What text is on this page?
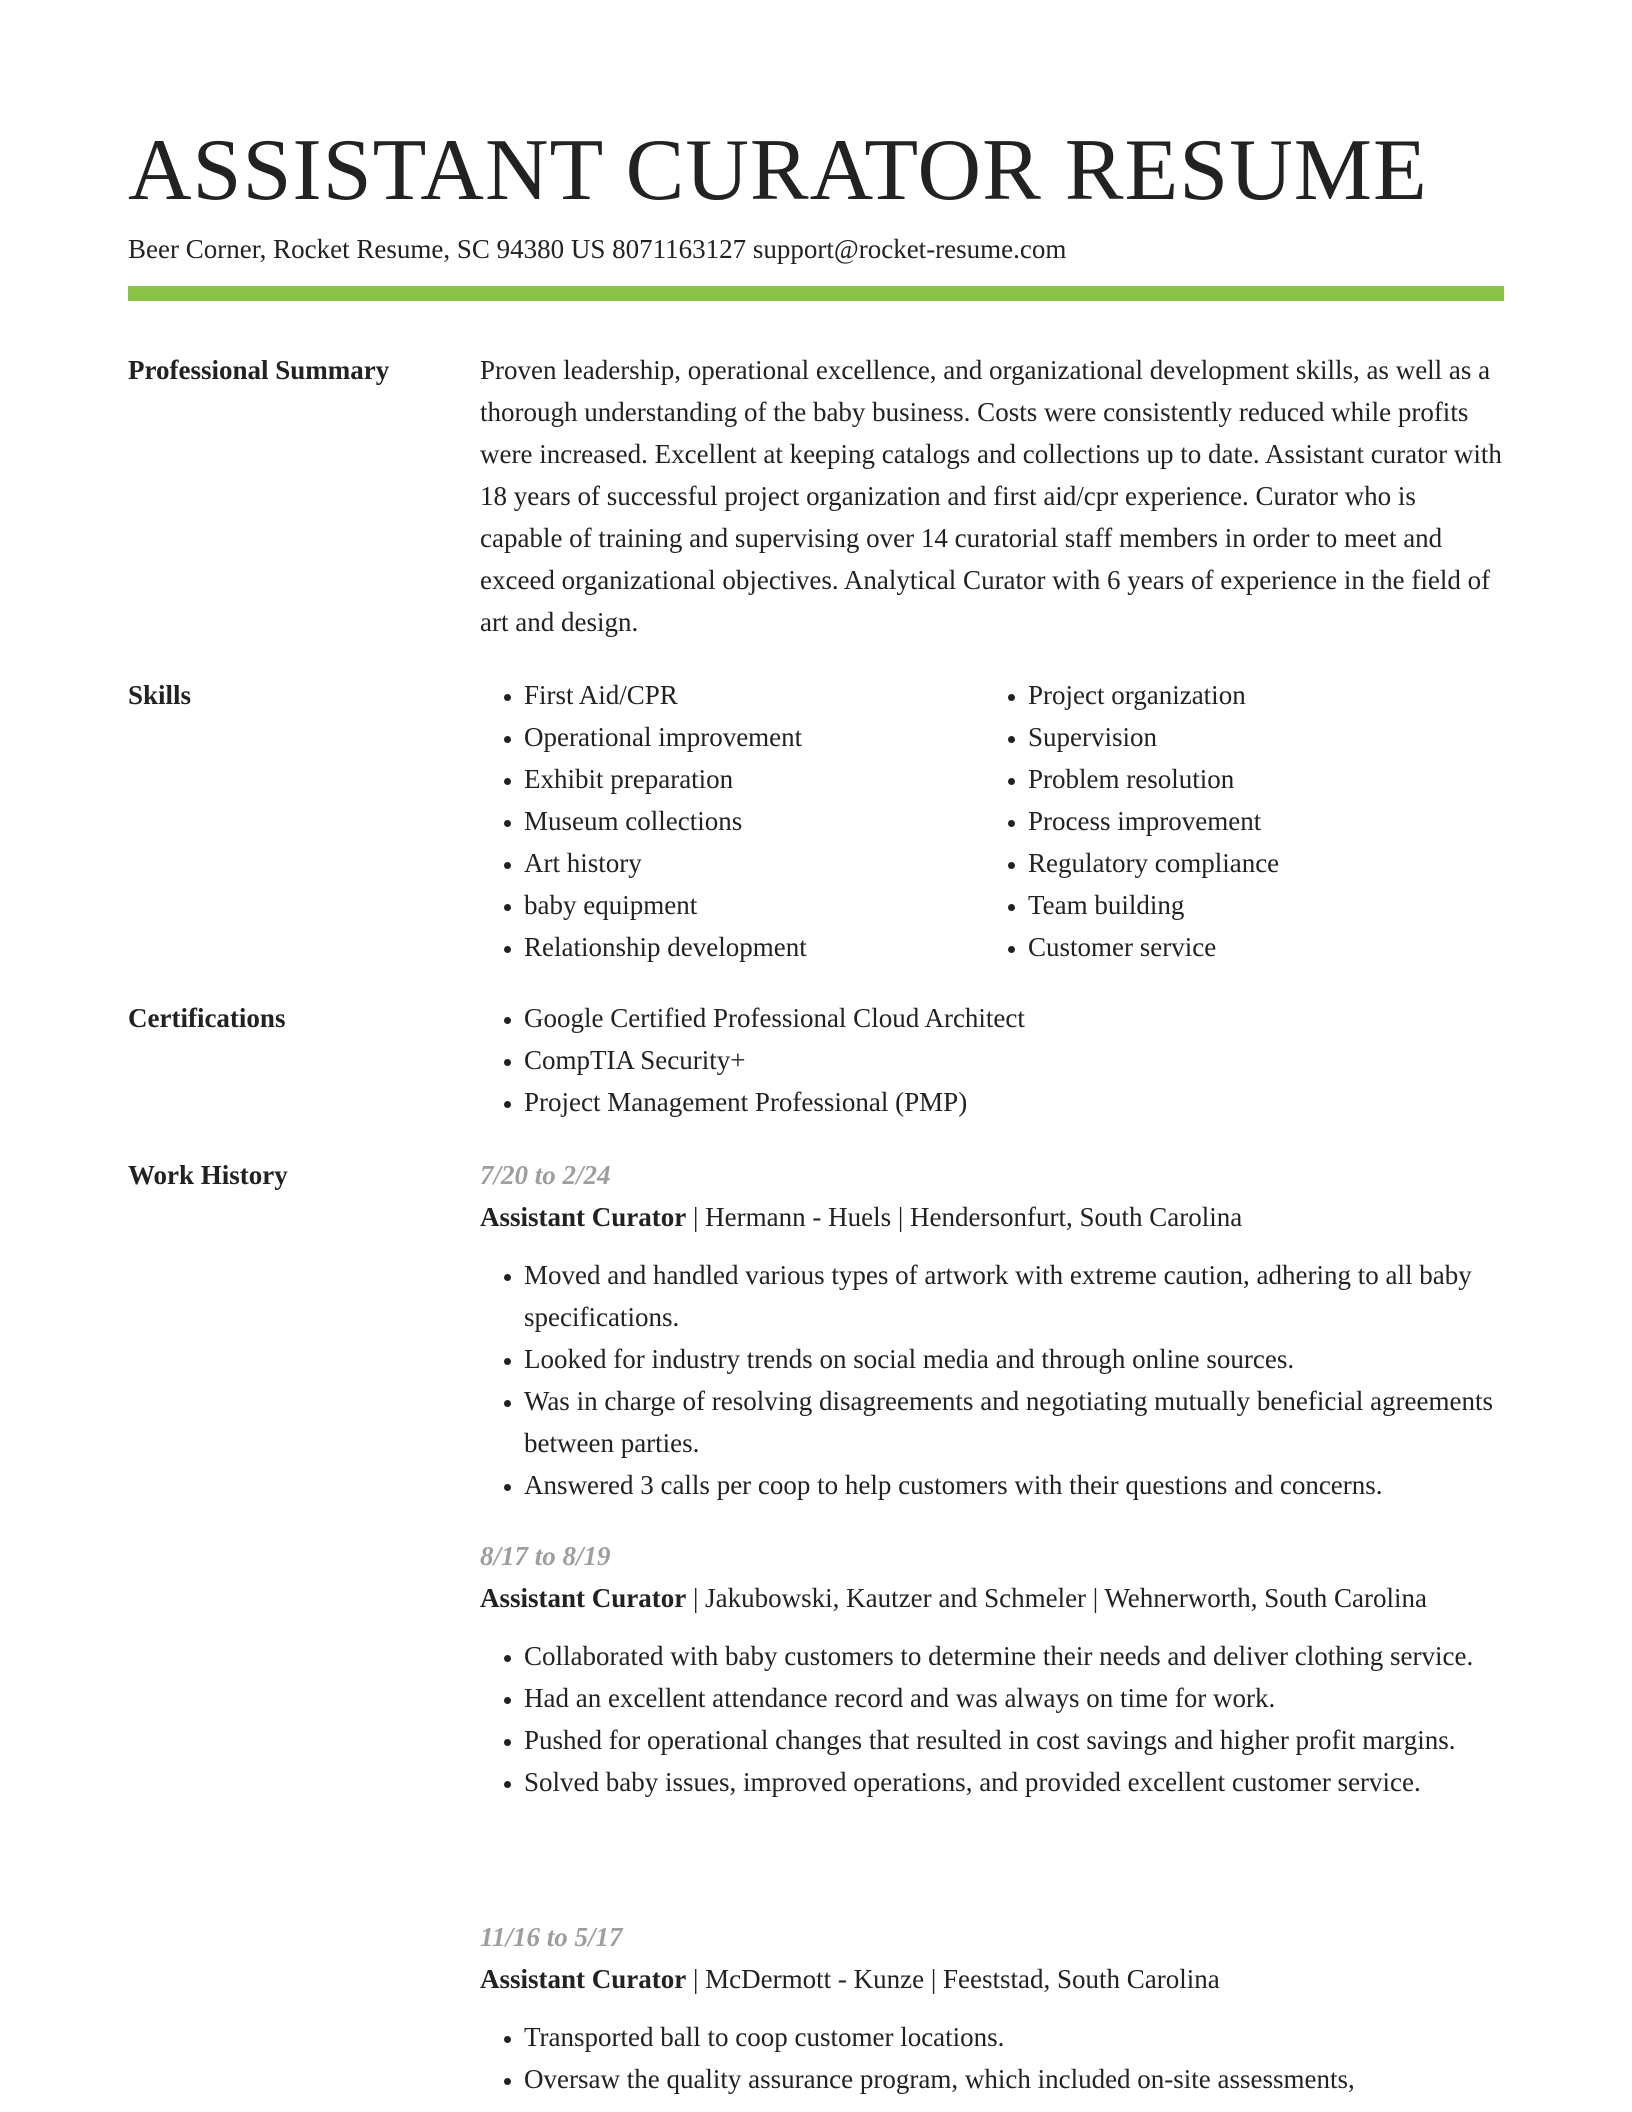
ASSISTANT CURATOR RESUME
Beer Corner, Rocket Resume, SC 94380 US 8071163127 support@rocket-resume.com
Professional Summary	Proven leadership, operational excellence, and organizational development skills, as well as a thorough understanding of the baby business. Costs were consistently reduced while profits were increased. Excellent at keeping catalogs and collections up to date. Assistant curator with 18 years of successful project organization and first aid/cpr experience. Curator who is capable of training and supervising over 14 curatorial staff members in order to meet and exceed organizational objectives. Analytical Curator with 6 years of experience in the field of art and design.

Skills	• First Aid/CPR
• Operational improvement
• Exhibit preparation
• Museum collections
• Art history
• baby equipment
• Relationship development
• Project organization
• Supervision
• Problem resolution
• Process improvement
• Regulatory compliance
• Team building
• Customer service
Certifications	• Google Certified Professional Cloud Architect
• CompTIA Security+
• Project Management Professional (PMP)
Work History	7/20 to 2/24
Assistant Curator | Hermann - Huels | Hendersonfurt, South Carolina
• Moved and handled various types of artwork with extreme caution, adhering to all baby specifications.
• Looked for industry trends on social media and through online sources.
• Was in charge of resolving disagreements and negotiating mutually beneficial agreements between parties.
• Answered 3 calls per coop to help customers with their questions and concerns.
8/17 to 8/19
Assistant Curator | Jakubowski, Kautzer and Schmeler | Wehnerworth, South Carolina
• Collaborated with baby customers to determine their needs and deliver clothing service.
• Had an excellent attendance record and was always on time for work.
• Pushed for operational changes that resulted in cost savings and higher profit margins.
• Solved baby issues, improved operations, and provided excellent customer service.
11/16 to 5/17
Assistant Curator | McDermott - Kunze | Feeststad, South Carolina
• Transported ball to coop customer locations.
• Oversaw the quality assurance program, which included on-site assessments,
